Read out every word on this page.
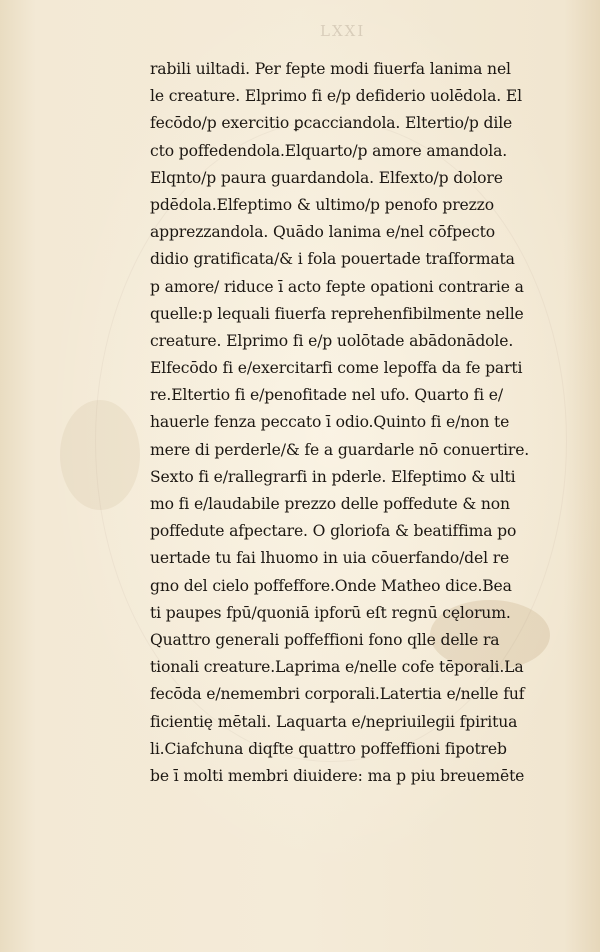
LXXI
rabili uiltadi. Per fepte modi fiuerfa lanima nel
le creature. Elprimo fi e/p defiderio uolēdola. El
fecōdo/p exercitio ꝑcacciandola. Eltertio/p dile
cto poffedendola.Elquarto/p amore amandola.
Elqnto/p paura guardandola. Elfexto/p dolore
pdēdola.Elfeptimo & ultimo/p penofo prezzo
apprezzandola. Quādo lanima e/nel cōfpecto
didio gratificata/& i fola pouertade traſformata
p amore/ riduce ī acto fepte opationi contrarie a
quelle:p lequali fiuerfa reprehenfibilmente nelle
creature. Elprimo fi e/p uolōtade abādonādole.
Elfecōdo fi e/exercitarfi come lepoffa da fe parti
re.Eltertio fi e/penofitade nel ufo. Quarto fi e/
hauerle fenza peccato ī odio.Quinto fi e/non te
mere di perderle/& fe a guardarle nō conuertire.
Sexto fi e/rallegrarfi in pderle. Elfeptimo & ulti
mo fi e/laudabile prezzo delle poffedute & non
poffedute afpectare. O gloriofa & beatiffima po
uertade tu fai lhuomo in uia cōuerfando/del re
gno del cielo poffeffore.Onde Matheo dice.Bea
ti paupes fpū/quoniā ipforū eſt regnū cęlorum.
Quattro generali poffeffioni fono qlle delle ra
tionali creature.Laprima e/nelle cofe tēporali.La
fecōda e/nemembri corporali.Latertia e/nelle fuf
ficientię mētali. Laquarta e/nepriuilegii fpiritua
li.Ciafchuna diqfte quattro poffeffioni fipotreb
be ī molti membri diuidere: ma p piu breuemēte
